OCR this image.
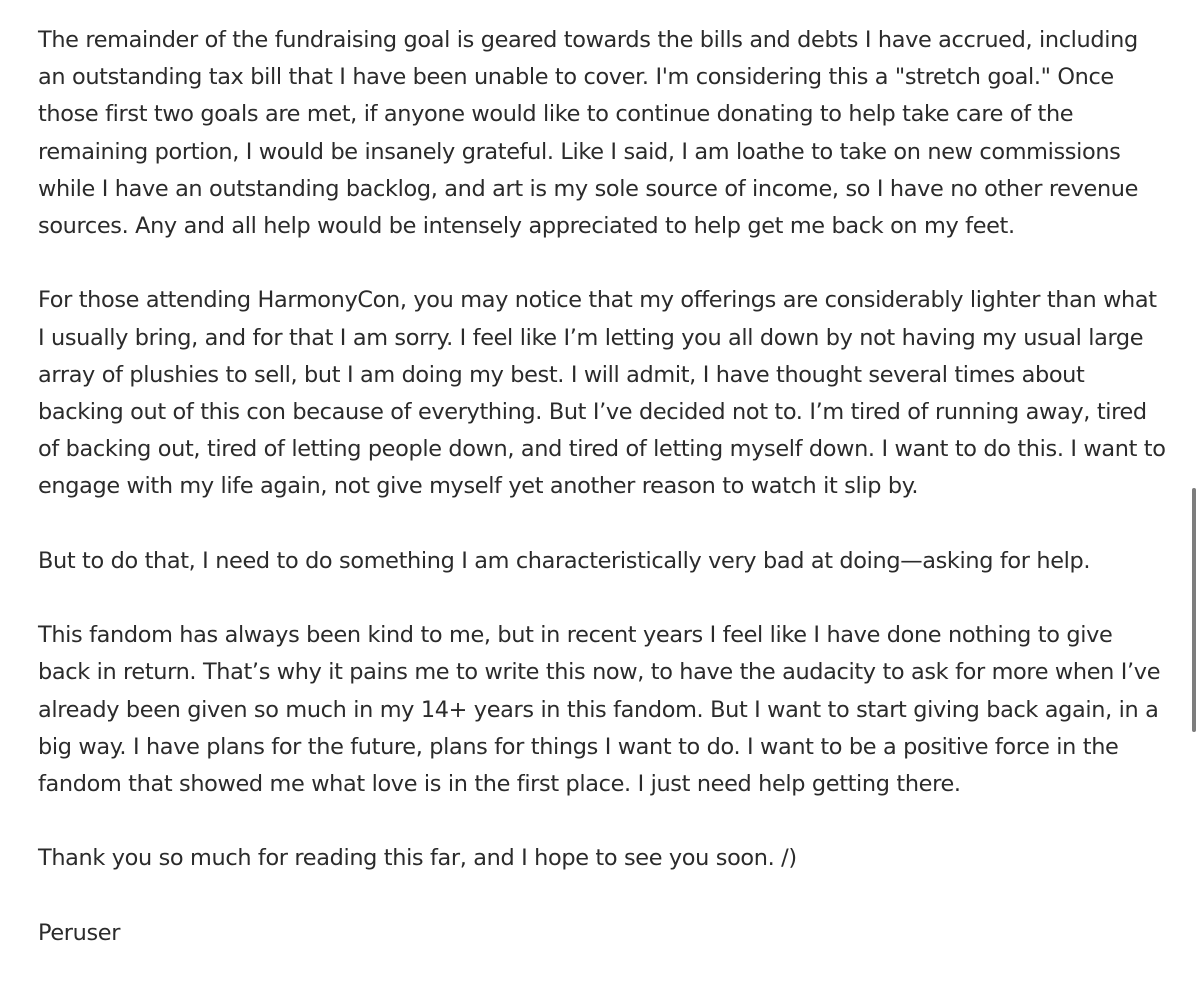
The remainder of the fundraising goal is geared towards the bills and debts I have accrued, including an outstanding tax bill that I have been unable to cover. I'm considering this a "stretch goal." Once those first two goals are met, if anyone would like to continue donating to help take care of the remaining portion, I would be insanely grateful. Like I said, I am loathe to take on new commissions while I have an outstanding backlog, and art is my sole source of income, so I have no other revenue sources. Any and all help would be intensely appreciated to help get me back on my feet.

For those attending HarmonyCon, you may notice that my offerings are considerably lighter than what I usually bring, and for that I am sorry. I feel like I’m letting you all down by not having my usual large array of plushies to sell, but I am doing my best. I will admit, I have thought several times about backing out of this con because of everything. But I’ve decided not to. I’m tired of running away, tired of backing out, tired of letting people down, and tired of letting myself down. I want to do this. I want to engage with my life again, not give myself yet another reason to watch it slip by.

But to do that, I need to do something I am characteristically very bad at doing—asking for help.

This fandom has always been kind to me, but in recent years I feel like I have done nothing to give back in return. That’s why it pains me to write this now, to have the audacity to ask for more when I’ve already been given so much in my 14+ years in this fandom. But I want to start giving back again, in a big way. I have plans for the future, plans for things I want to do. I want to be a positive force in the fandom that showed me what love is in the first place. I just need help getting there.

Thank you so much for reading this far, and I hope to see you soon. /)

Peruser
